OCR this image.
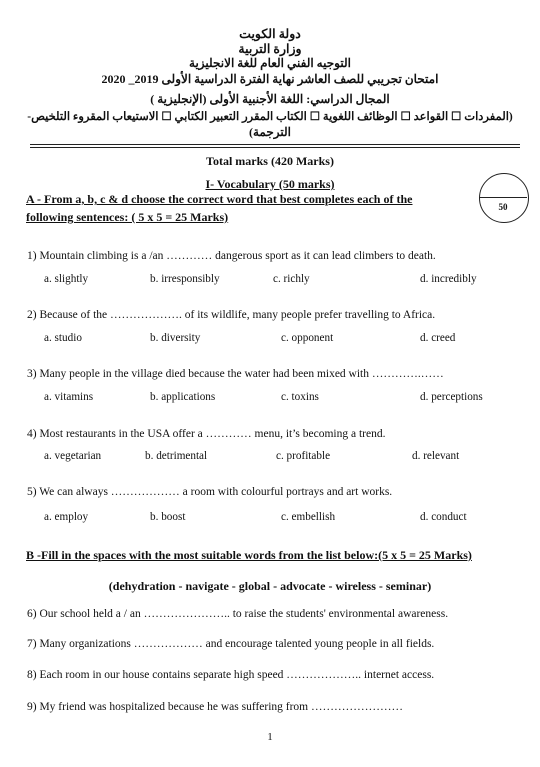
دولة الكويت
وزارة التربية
التوجيه الفني العام للغة الانجليزية
امتحان تجريبي للصف العاشر نهاية الفترة الدراسية الأولى 2019_ 2020
المجال الدراسي: اللغة الأجنبية الأولى (الإنجليزية )
(المفردات ☐ القواعد ☐ الوظائف اللغوية ☐ الكتاب المقرر التعبير الكتابي ☐ الاستيعاب المقروء التلخيص-
الترجمة)
Total marks (420 Marks)
50
I- Vocabulary (50 marks)
A - From a, b, c & d choose the correct word that best completes each of the
following sentences: ( 5 x 5 = 25 Marks)
1) Mountain climbing is a /an ………… dangerous sport as it can lead climbers to death.
a. slightly	b. irresponsibly	c. richly	d. incredibly
2) Because of the ………………. of its wildlife, many people prefer travelling to Africa.
a. studio	b. diversity	c. opponent	d. creed
3) Many people in the village died because the water had been mixed with ………….……
a. vitamins	b. applications	c. toxins	d. perceptions
4) Most restaurants in the USA offer a ………… menu, it’s becoming a trend.
a. vegetarian	b. detrimental	c. profitable	d. relevant
5) We can always ……………… a room with colourful portrays and art works.
a. employ	b. boost	c. embellish	d. conduct
B -Fill in the spaces with the most suitable words from the list below:(5 x 5 = 25 Marks)
(dehydration - navigate - global - advocate - wireless - seminar)
6) Our school held a / an ………………….. to raise the students' environmental awareness.
7) Many organizations ……………… and encourage talented young people in all fields.
8) Each room in our house contains separate high speed ……………….. internet access.
9) My friend was hospitalized because he was suffering from ……………………
1
